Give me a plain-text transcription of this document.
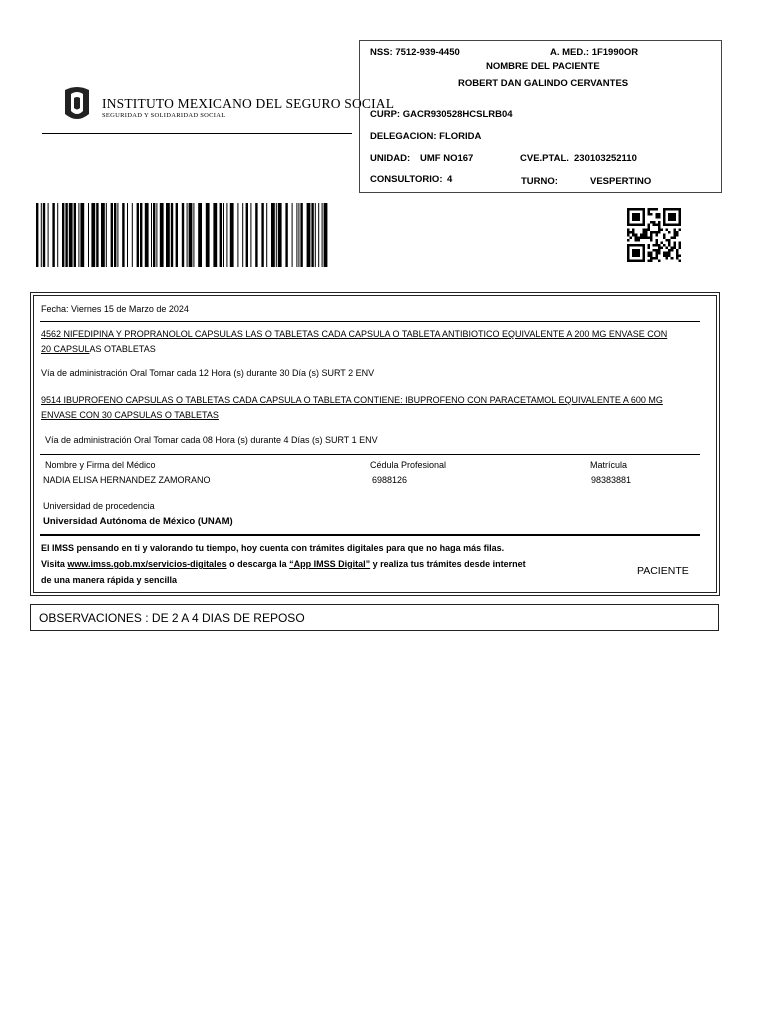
INSTITUTO MEXICANO DEL SEGURO SOCIAL
SEGURIDAD Y SOLIDARIDAD SOCIAL
NSS: 7512-939-4450	A. MED.: 1F1990OR
NOMBRE DEL PACIENTE
ROBERT DAN GALINDO CERVANTES
CURP: GACR930528HCSLRB04
DELEGACION: FLORIDA
UNIDAD: UMF NO167	CVE.PTAL. 230103252110
CONSULTORIO: 4	TURNO:	VESPERTINO
Fecha: Viernes 15 de Marzo de 2024
4562 NIFEDIPINA Y PROPRANOLOL CAPSULAS LAS O TABLETAS CADA CAPSULA O TABLETA ANTIBIOTICO EQUIVALENTE A 200 MG ENVASE CON
20 CAPSULAS OTABLETAS
Vía de administración Oral Tomar cada 12 Hora (s) durante 30 Día (s) SURT 2 ENV
9514 IBUPROFENO CAPSULAS O TABLETAS CADA CAPSULA O TABLETA CONTIENE: IBUPROFENO CON PARACETAMOL EQUIVALENTE A 600 MG
ENVASE CON 30 CAPSULAS O TABLETAS
Vía de administración Oral Tomar cada 08 Hora (s) durante 4 Días (s) SURT 1 ENV
Nombre y Firma del Médico	Cédula Profesional	Matrícula
NADIA ELISA HERNANDEZ ZAMORANO	6988126	98383881
Universidad de procedencia
Universidad Autónoma de México (UNAM)
El IMSS pensando en ti y valorando tu tiempo, hoy cuenta con trámites digitales para que no haga más filas.
Visita www.imss.gob.mx/servicios-digitales o descarga la “App IMSS Digital” y realiza tus trámites desde internet
de una manera rápida y sencilla
PACIENTE
OBSERVACIONES : DE 2 A 4 DIAS DE REPOSO
